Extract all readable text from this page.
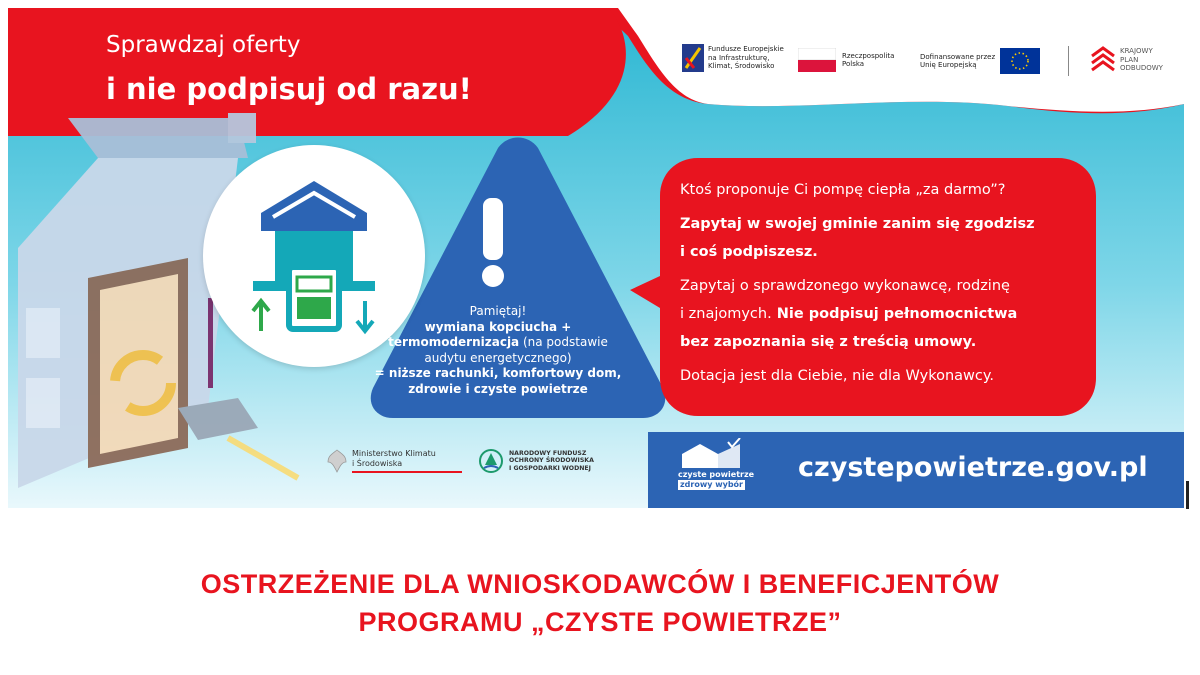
Sprawdzaj oferty
i nie podpisuj od razu!
Fundusze Europejskie na Infrastrukturę, Klimat, Środowisko
Rzeczpospolita Polska
Dofinansowane przez Unię Europejską
KRAJOWY PLAN ODBUDOWY
Pamiętaj!
wymiana kopciucha +
termomodernizacja (na podstawie
audytu energetycznego)
= niższe rachunki, komfortowy dom,
zdrowie i czyste powietrze

Ktoś proponuje Ci pompę ciepła „za darmo”?

Zapytaj w swojej gminie zanim się zgodzisz

i coś podpiszesz.

Zapytaj o sprawdzonego wykonawcę, rodzinę

i znajomych. Nie podpisuj pełnomocnictwa

bez zapoznania się z treścią umowy.

Dotacja jest dla Ciebie, nie dla Wykonawcy.

Ministerstwo Klimatu i Środowiska
NARODOWY FUNDUSZ OCHRONY ŚRODOWISKA I GOSPODARKI WODNEJ
czyste powietrze
zdrowy wybór
czystepowietrze.gov.pl
OSTRZEŻENIE DLA WNIOSKODAWCÓW I BENEFICJENTÓW
PROGRAMU „CZYSTE POWIETRZE”
